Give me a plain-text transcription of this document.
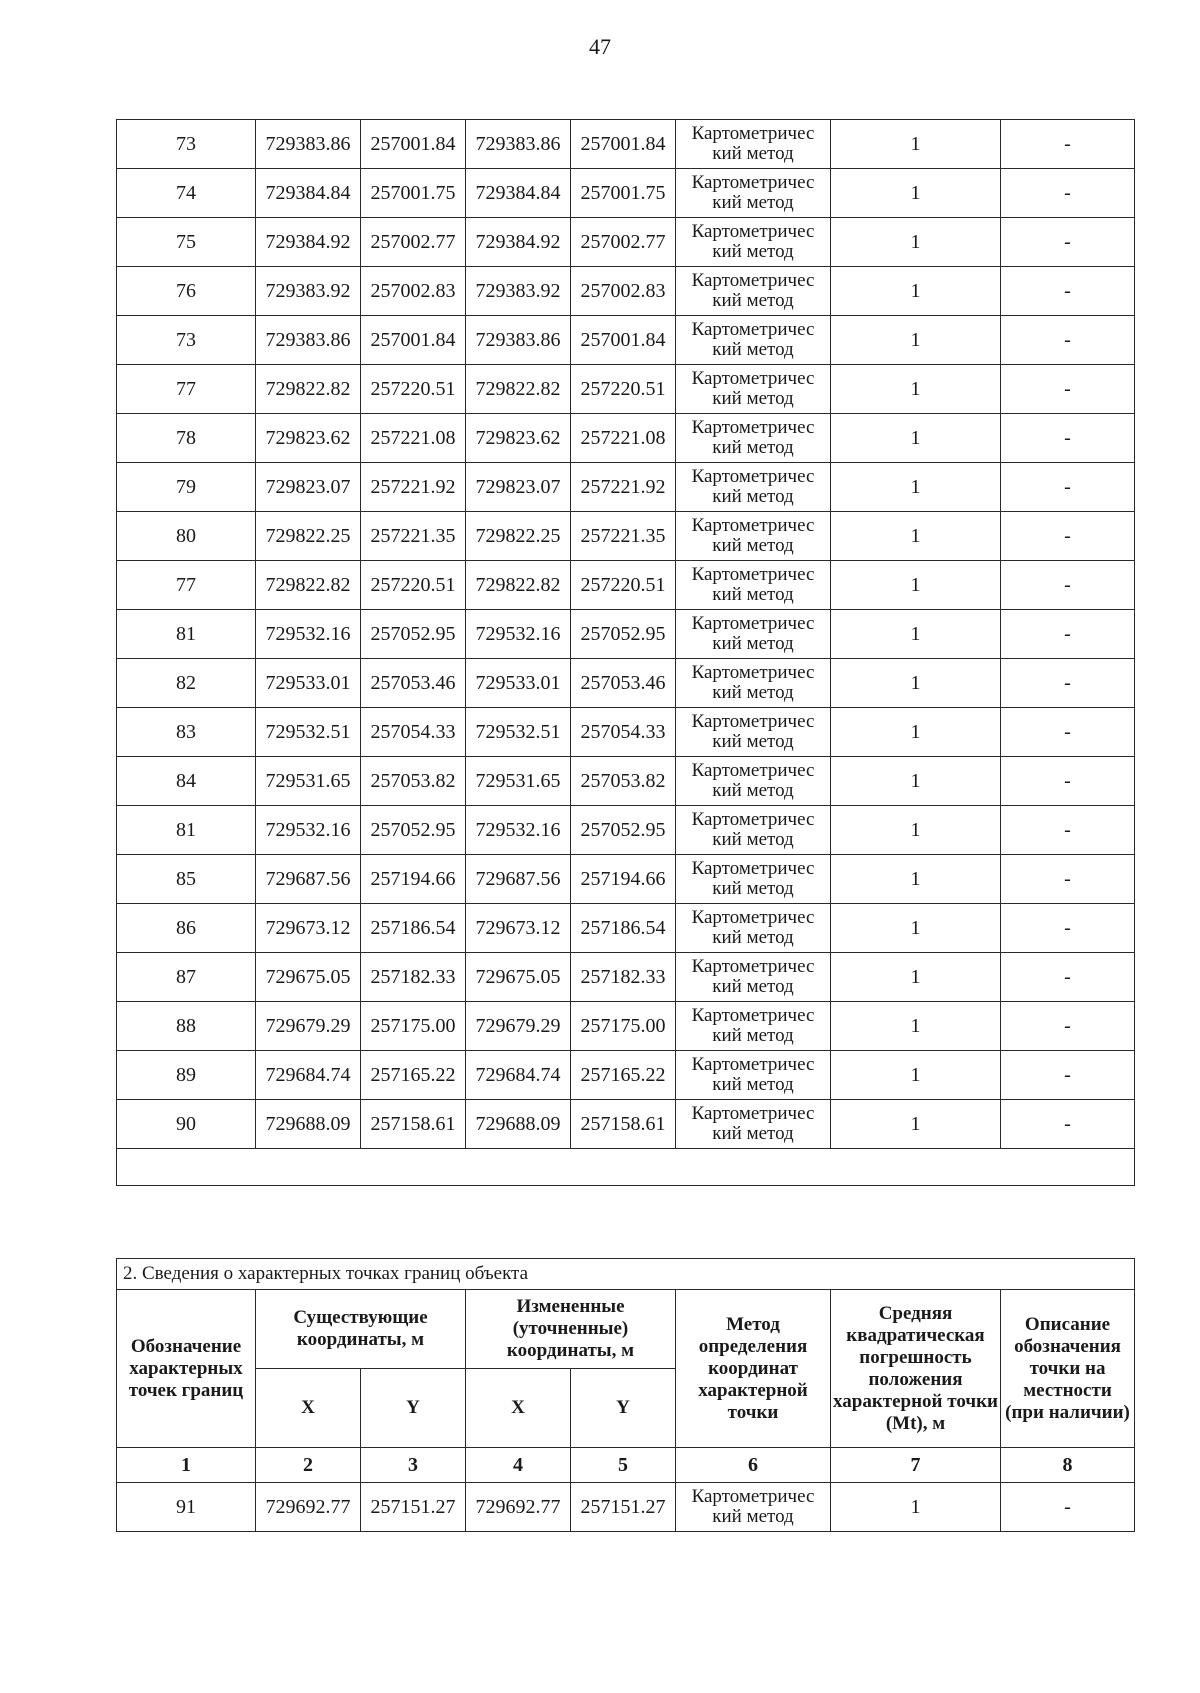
47
73	729383.86	257001.84	729383.86	257001.84	Картометричес кий метод	1	-
74	729384.84	257001.75	729384.84	257001.75	Картометричес кий метод	1	-
75	729384.92	257002.77	729384.92	257002.77	Картометричес кий метод	1	-
76	729383.92	257002.83	729383.92	257002.83	Картометричес кий метод	1	-
73	729383.86	257001.84	729383.86	257001.84	Картометричес кий метод	1	-
77	729822.82	257220.51	729822.82	257220.51	Картометричес кий метод	1	-
78	729823.62	257221.08	729823.62	257221.08	Картометричес кий метод	1	-
79	729823.07	257221.92	729823.07	257221.92	Картометричес кий метод	1	-
80	729822.25	257221.35	729822.25	257221.35	Картометричес кий метод	1	-
77	729822.82	257220.51	729822.82	257220.51	Картометричес кий метод	1	-
81	729532.16	257052.95	729532.16	257052.95	Картометричес кий метод	1	-
82	729533.01	257053.46	729533.01	257053.46	Картометричес кий метод	1	-
83	729532.51	257054.33	729532.51	257054.33	Картометричес кий метод	1	-
84	729531.65	257053.82	729531.65	257053.82	Картометричес кий метод	1	-
81	729532.16	257052.95	729532.16	257052.95	Картометричес кий метод	1	-
85	729687.56	257194.66	729687.56	257194.66	Картометричес кий метод	1	-
86	729673.12	257186.54	729673.12	257186.54	Картометричес кий метод	1	-
87	729675.05	257182.33	729675.05	257182.33	Картометричес кий метод	1	-
88	729679.29	257175.00	729679.29	257175.00	Картометричес кий метод	1	-
89	729684.74	257165.22	729684.74	257165.22	Картометричес кий метод	1	-
90	729688.09	257158.61	729688.09	257158.61	Картометричес кий метод	1	-

2. Сведения о характерных точках границ объекта							
Обозначение характерных точек границ	Существующие координаты, м		Измененные (уточненные) координаты, м		Метод определения координат характерной точки	Средняя квадратическая погрешность положения характерной точки (Mt), м	Описание обозначения точки на местности (при наличии)
	X	Y	X	Y			
1	2	3	4	5	6	7	8
91	729692.77	257151.27	729692.77	257151.27	Картометричес кий метод	1	-
